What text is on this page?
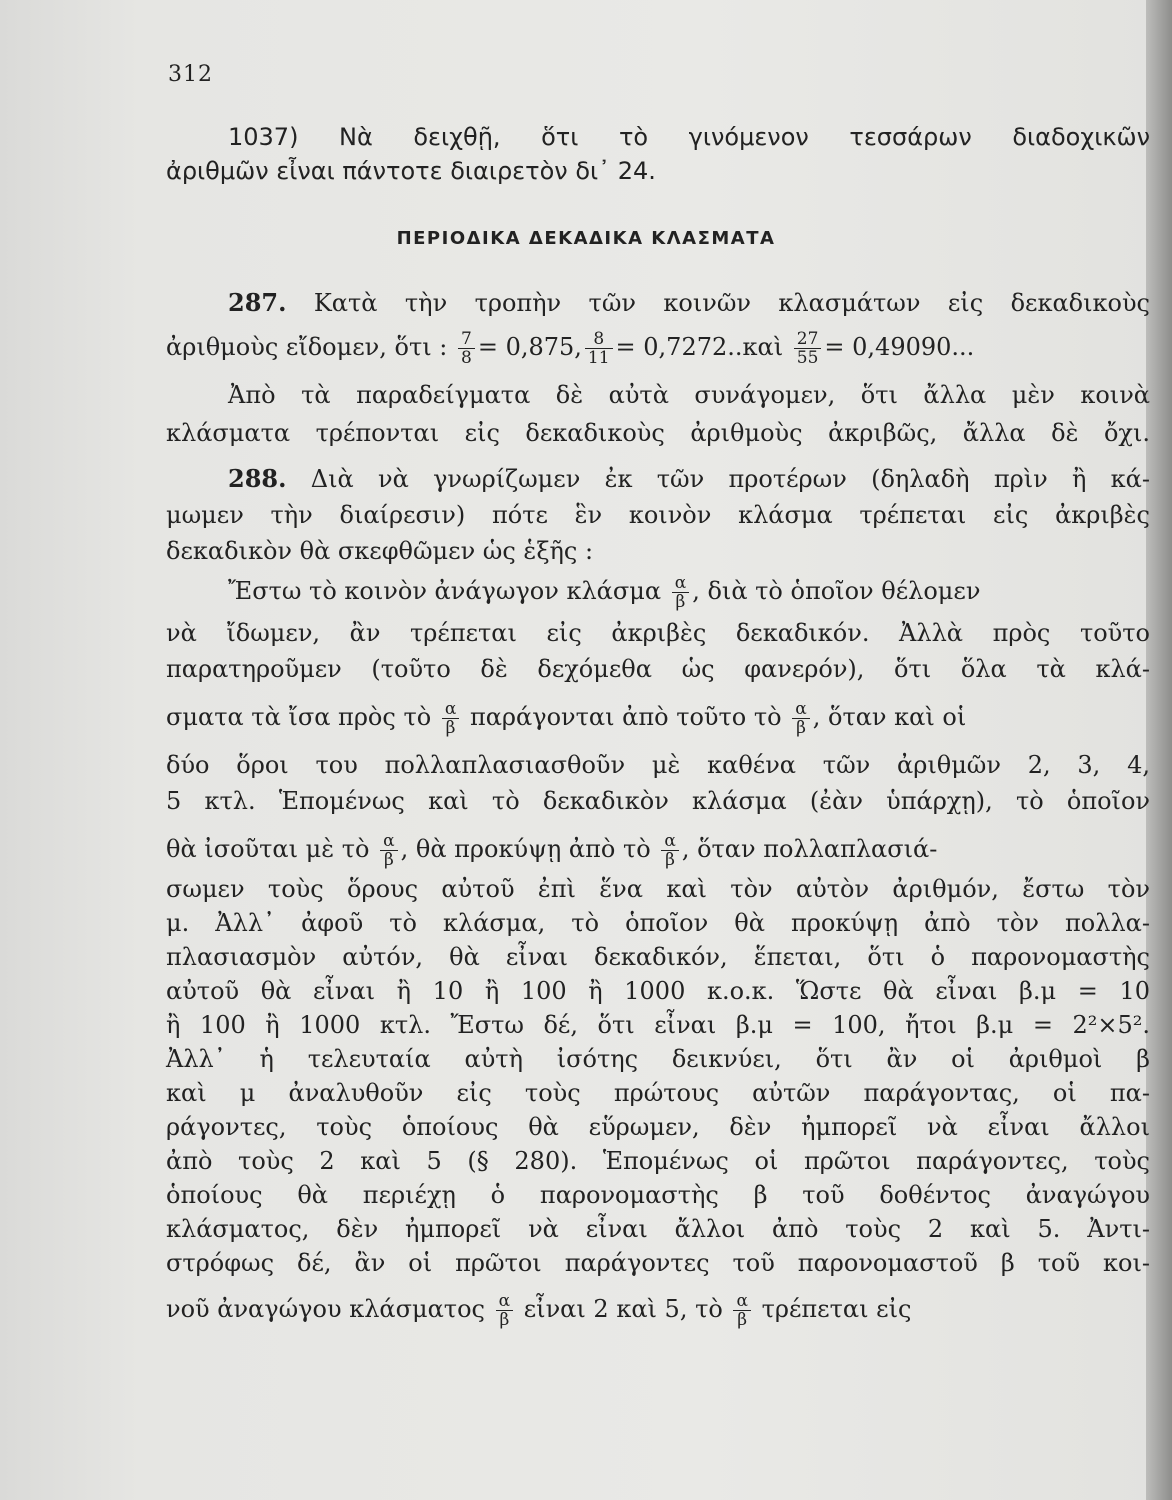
312
1037) Νὰ δειχθῇ, ὅτι τὸ γινόμενον τεσσάρων διαδοχικῶν
ἀριθμῶν εἶναι πάντοτε διαιρετὸν δι᾽ 24.
ΠΕΡΙΟΔΙΚΑ ΔΕΚΑΔΙΚΑ ΚΛΑΣΜΑΤΑ
287. Κατὰ τὴν τροπὴν τῶν κοινῶν κλασμάτων εἰς δεκαδικοὺς
ἀριθμοὺς εἴδομεν, ὅτι : $\frac{7}{8} = 0,875$, $\frac{8}{11}$ = 0,7272..καὶ $\frac{27}{55} = 0,49090$...
Ἀπὸ τὰ παραδείγματα δὲ αὐτὰ συνάγομεν, ὅτι ἄλλα μὲν κοινὰ
κλάσματα τρέπονται εἰς δεκαδικοὺς ἀριθμοὺς ἀκριβῶς, ἄλλα δὲ ὄχι.
288. Διὰ νὰ γνωρίζωμεν ἐκ τῶν προτέρων (δηλαδὴ πρὶν ἢ κά-
μωμεν τὴν διαίρεσιν) πότε ἓν κοινὸν κλάσμα τρέπεται εἰς ἀκριβὲς
δεκαδικὸν θὰ σκεφθῶμεν ὡς ἑξῆς :
Ἔστω τὸ κοινὸν ἀνάγωγον κλάσμα $\frac{\alpha}{\beta}$ , διὰ τὸ ὁποῖον θέλομεν
νὰ ἴδωμεν, ἂν τρέπεται εἰς ἀκριβὲς δεκαδικόν. Ἀλλὰ πρὸς τοῦτο
παρατηροῦμεν (τοῦτο δὲ δεχόμεθα ὡς φανερόν), ὅτι ὅλα τὰ κλά-
σματα τὰ ἴσα πρὸς τὸ $\frac{\alpha}{\beta}$ παράγονται ἀπὸ τοῦτο τὸ $\frac{\alpha}{\beta}$ , ὅταν καὶ οἱ
δύο ὅροι του πολλαπλασιασθοῦν μὲ καθένα τῶν ἀριθμῶν 2, 3, 4,
5 κτλ. Ἑπομένως καὶ τὸ δεκαδικὸν κλάσμα (ἐὰν ὑπάρχῃ), τὸ ὁποῖον
θὰ ἰσοῦται μὲ τὸ $\frac{\alpha}{\beta}$ , θὰ προκύψῃ ἀπὸ τὸ $\frac{\alpha}{\beta}$ , ὅταν πολλαπλασιά-
σωμεν τοὺς ὅρους αὐτοῦ ἐπὶ ἕνα καὶ τὸν αὐτὸν ἀριθμόν, ἔστω τὸν
μ. Ἀλλ᾽ ἀφοῦ τὸ κλάσμα, τὸ ὁποῖον θὰ προκύψῃ ἀπὸ τὸν πολλα-
πλασιασμὸν αὐτόν, θὰ εἶναι δεκαδικόν, ἕπεται, ὅτι ὁ παρονομαστὴς
αὐτοῦ θὰ εἶναι ἢ 10 ἢ 100 ἢ 1000 κ.ο.κ. Ὥστε θὰ εἶναι β.μ = 10
ἢ 100 ἢ 1000 κτλ. Ἔστω δέ, ὅτι εἶναι β.μ = 100, ἤτοι β.μ = 2²×5².
Ἀλλ᾽ ἡ τελευταία αὐτὴ ἰσότης δεικνύει, ὅτι ἂν οἱ ἀριθμοὶ β
καὶ μ ἀναλυθοῦν εἰς τοὺς πρώτους αὐτῶν παράγοντας, οἱ πα-
ράγοντες, τοὺς ὁποίους θὰ εὕρωμεν, δὲν ἠμπορεῖ νὰ εἶναι ἄλλοι
ἀπὸ τοὺς 2 καὶ 5 (§ 280). Ἑπομένως οἱ πρῶτοι παράγοντες, τοὺς
ὁποίους θὰ περιέχῃ ὁ παρονομαστὴς β τοῦ δοθέντος ἀναγώγου
κλάσματος, δὲν ἠμπορεῖ νὰ εἶναι ἄλλοι ἀπὸ τοὺς 2 καὶ 5. Ἀντι-
στρόφως δέ, ἂν οἱ πρῶτοι παράγοντες τοῦ παρονομαστοῦ β τοῦ κοι-
νοῦ ἀναγώγου κλάσματος $\frac{\alpha}{\beta}$ εἶναι 2 καὶ 5, τὸ $\frac{\alpha}{\beta}$ τρέπεται εἰς
